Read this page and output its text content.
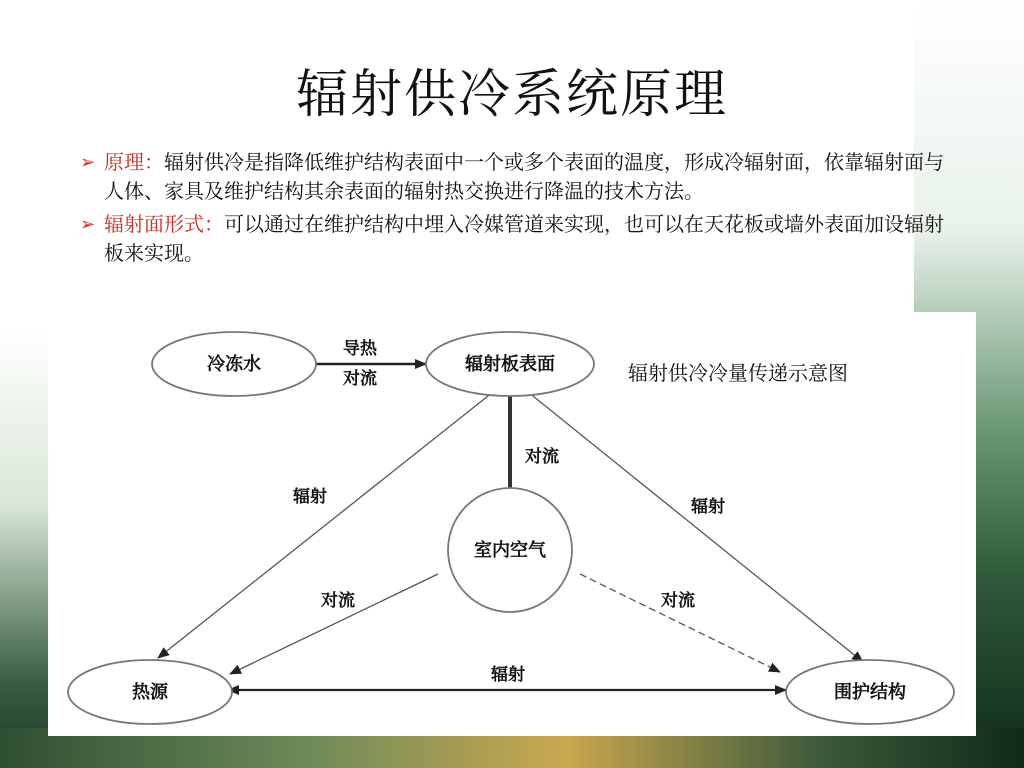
辐射供冷系统原理
➢ 原理：辐射供冷是指降低维护结构表面中一个或多个表面的温度，形成冷辐射面，依靠辐射面与人体、家具及维护结构其余表面的辐射热交换进行降温的技术方法。
➢ 辐射面形式：可以通过在维护结构中埋入冷媒管道来实现，也可以在天花板或墙外表面加设辐射板来实现。
冷冻水	辐射板表面
室内空气
热源	围护结构
导热
对流
对流
辐射	辐射
对流	对流
辐射
辐射供冷冷量传递示意图
